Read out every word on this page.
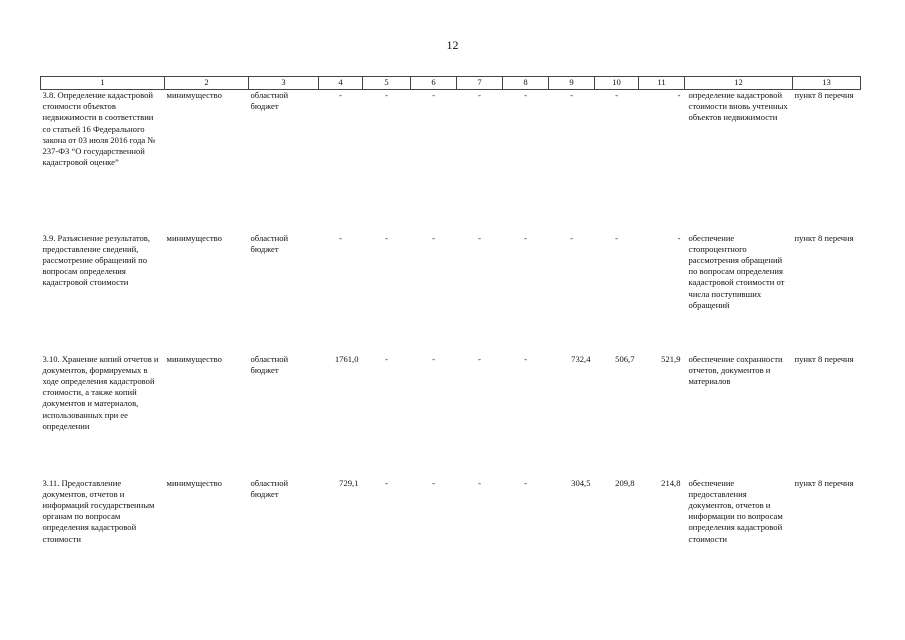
12
1	2	3	4	5	6	7	8	9	10	11	12	13
3.8. Определение кадастровой стоимости объектов недвижимости в соответствии со статьей 16 Федерального закона от 03 июля 2016 года № 237-ФЗ “О государственной кадастровой оценке”	минимущество	областной бюджет	-	-	-	-	-	-	-	-	определение кадастровой стоимости вновь учтенных объектов недвижимости	пункт 8 перечня
3.9. Разъяснение результатов, предоставление сведений, рассмотрение обращений по вопросам определения кадастровой стоимости	минимущество	областной бюджет	-	-	-	-	-	-	-	-	обеспечение стопроцентного рассмотрения обращений по вопросам определения кадастровой стоимости от числа поступивших обращений	пункт 8 перечня
3.10. Хранение копий отчетов и документов, формируемых в ходе определения кадастровой стоимости, а также копий документов и материалов, использованных при ее определении	минимущество	областной бюджет	1761,0	-	-	-	-	732,4	506,7	521,9	обеспечение сохранности отчетов, документов и материалов	пункт 8 перечня
3.11. Предоставление документов, отчетов и информаций государственным органам по вопросам определения кадастровой стоимости	минимущество	областной бюджет	729,1	-	-	-	-	304,5	209,8	214,8	обеспечение предоставления документов, отчетов и информации по вопросам определения кадастровой стоимости	пункт 8 перечня
